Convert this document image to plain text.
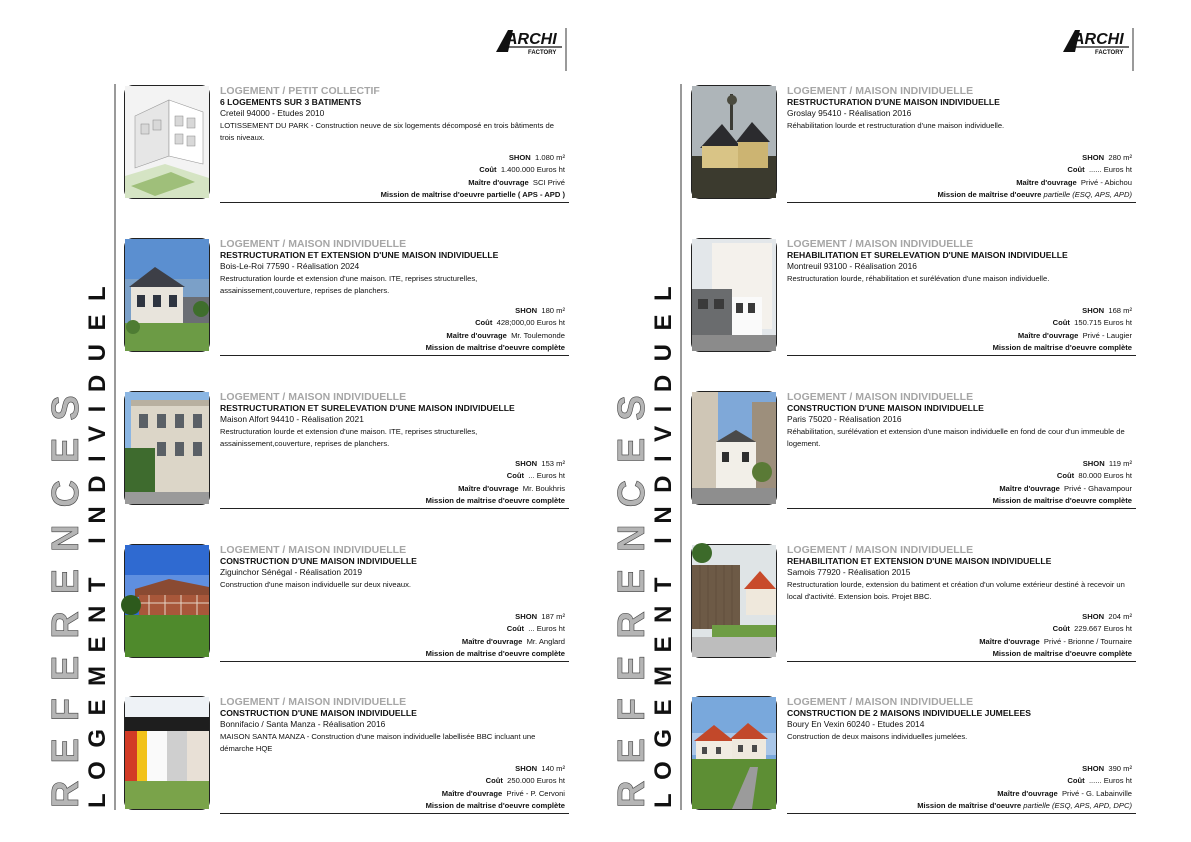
ARCHI
FACTORY
REFERENCES
LOGEMENT INDIVIDUEL
LOGEMENT / PETIT COLLECTIF
6 LOGEMENTS SUR 3 BATIMENTS
Creteil 94000 - Etudes 2010
LOTISSEMENT DU PARK - Construction neuve de six logements décomposé en trois bâtiments de trois niveaux.
SHON 1.080 m²
Coût 1.400.000 Euros ht
Maître d'ouvrage SCI Privé
Mission de maîtrise d'oeuvre partielle ( APS - APD )
LOGEMENT / MAISON INDIVIDUELLE
RESTRUCTURATION ET EXTENSION D'UNE MAISON INDIVIDUELLE
Bois-Le-Roi 77590 - Réalisation 2024
Restructuration lourde et extension d'une maison. ITE, reprises structurelles, assainissement,couverture, reprises de planchers.
SHON 180 m²
Coût 428;000,00 Euros ht
Maître d'ouvrage Mr. Toulemonde
Mission de maîtrise d'oeuvre complète
LOGEMENT / MAISON INDIVIDUELLE
RESTRUCTURATION ET SURELEVATION D'UNE MAISON INDIVIDUELLE
Maison Alfort 94410 - Réalisation 2021
Restructuration lourde et extension d'une maison. ITE, reprises structurelles, assainissement,couverture, reprises de planchers.
SHON 153 m²
Coût ... Euros ht
Maître d'ouvrage Mr. Boukhris
Mission de maîtrise d'oeuvre complète
LOGEMENT / MAISON INDIVIDUELLE
CONSTRUCTION D'UNE MAISON INDIVIDUELLE
Ziguinchor Sénégal - Réalisation 2019
Construction d'une maison individuelle sur deux niveaux.
SHON 187 m²
Coût ... Euros ht
Maître d'ouvrage Mr. Anglard
Mission de maîtrise d'oeuvre complète
LOGEMENT / MAISON INDIVIDUELLE
CONSTRUCTION D'UNE MAISON INDIVIDUELLE
Bonnifacio / Santa Manza - Réalisation 2016
MAISON SANTA MANZA - Construction d'une maison individuelle labellisée BBC incluant une démarche HQE
SHON 140 m²
Coût 250.000 Euros ht
Maître d'ouvrage Privé - P. Cervoni
Mission de maîtrise d'oeuvre complète
ARCHI
FACTORY
REFERENCES
LOGEMENT INDIVIDUEL
LOGEMENT / MAISON INDIVIDUELLE
RESTRUCTURATION D'UNE MAISON INDIVIDUELLE
Groslay 95410 - Réalisation 2016
Réhabilitation lourde et restructuration d'une maison individuelle.
SHON 280 m²
Coût ...... Euros ht
Maître d'ouvrage Privé - Abichou
Mission de maîtrise d'oeuvre partielle (ESQ, APS, APD)
LOGEMENT / MAISON INDIVIDUELLE
REHABILITATION ET SURELEVATION D'UNE MAISON INDIVIDUELLE
Montreuil 93100 - Réalisation 2016
Restructuration lourde, réhabilitation et surélévation d'une maison individuelle.
SHON 168 m²
Coût 150.715 Euros ht
Maître d'ouvrage Privé - Laugier
Mission de maîtrise d'oeuvre complète
LOGEMENT / MAISON INDIVIDUELLE
CONSTRUCTION D'UNE MAISON INDIVIDUELLE
Paris 75020 - Réalisation 2016
Réhabilitation, surélévation et extension d'une maison individuelle en fond de cour d'un immeuble de logement.
SHON 119 m²
Coût 80.000 Euros ht
Maître d'ouvrage Privé - Ghavampour
Mission de maîtrise d'oeuvre complète
LOGEMENT / MAISON INDIVIDUELLE
REHABILITATION ET EXTENSION D'UNE MAISON INDIVIDUELLE
Samois 77920 - Réalisation 2015
Restructuration lourde, extension du batiment et création d'un volume extérieur destiné à recevoir un local d'activité. Extension bois. Projet BBC.
SHON 204 m²
Coût 229.667 Euros ht
Maître d'ouvrage Privé - Brionne / Tournaire
Mission de maîtrise d'oeuvre complète
LOGEMENT / MAISON INDIVIDUELLE
CONSTRUCTION DE 2 MAISONS INDIVIDUELLE JUMELEES
Boury En Vexin 60240 - Etudes 2014
Construction de deux maisons individuelles jumelées.
SHON 390 m²
Coût ...... Euros ht
Maître d'ouvrage Privé - G. Labainville
Mission de maîtrise d'oeuvre partielle (ESQ, APS, APD, DPC)
